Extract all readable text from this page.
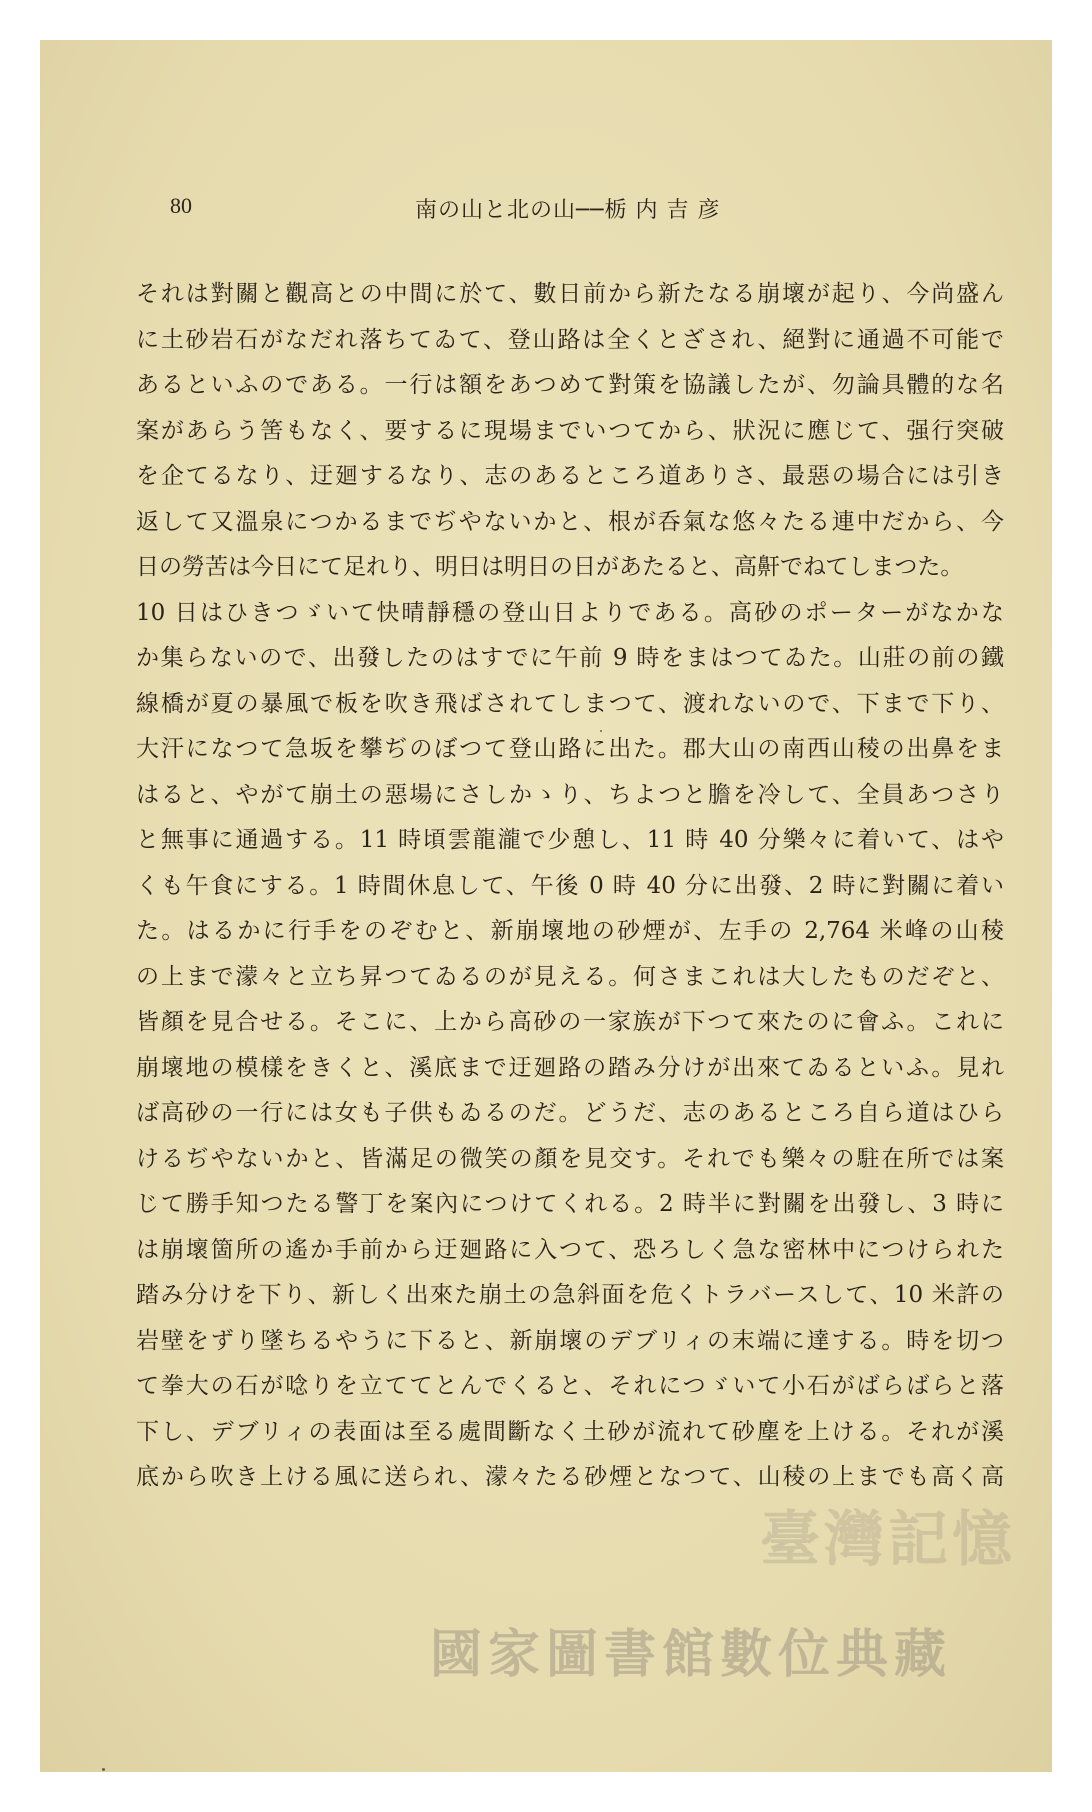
80	南の山と北の山──栃 内 吉 彦
それは對關と觀高との中間に於て、數日前から新たなる崩壞が起り、今尚盛ん
に土砂岩石がなだれ落ちてゐて、登山路は全くとざされ、絕對に通過不可能で
あるといふのである。一行は額をあつめて對策を協議したが、勿論具體的な名
案があらう筈もなく、要するに現場までいつてから、狀況に應じて、强行突破
を企てるなり、迂廻するなり、志のあるところ道ありさ、最惡の場合には引き
返して又溫泉につかるまでぢやないかと、根が呑氣な悠々たる連中だから、今
日の勞苦は今日にて足れり、明日は明日の日があたると、高鼾でねてしまつた。
10 日はひきつゞいて快晴靜穩の登山日よりである。高砂のポーターがなかな
か集らないので、出發したのはすでに午前 9 時をまはつてゐた。山莊の前の鐵
線橋が夏の暴風で板を吹き飛ばされてしまつて、渡れないので、下まで下り、
大汗になつて急坂を攀ぢのぼつて登山路に出た。郡大山の南西山稜の出鼻をま
はると、やがて崩土の惡場にさしかゝり、ちよつと膽を冷して、全員あつさり
と無事に通過する。11 時頃雲龍瀧で少憩し、11 時 40 分樂々に着いて、はや
くも午食にする。1 時間休息して、午後 0 時 40 分に出發、2 時に對關に着い
た。はるかに行手をのぞむと、新崩壞地の砂煙が、左手の 2,764 米峰の山稜
の上まで濛々と立ち昇つてゐるのが見える。何さまこれは大したものだぞと、
皆顏を見合せる。そこに、上から高砂の一家族が下つて來たのに會ふ。これに
崩壞地の模樣をきくと、溪底まで迂廻路の踏み分けが出來てゐるといふ。見れ
ば高砂の一行には女も子供もゐるのだ。どうだ、志のあるところ自ら道はひら
けるぢやないかと、皆滿足の微笑の顏を見交す。それでも樂々の駐在所では案
じて勝手知つたる警丁を案內につけてくれる。2 時半に對關を出發し、3 時に
は崩壞箇所の遙か手前から迂廻路に入つて、恐ろしく急な密林中につけられた
踏み分けを下り、新しく出來た崩土の急斜面を危くトラバースして、10 米許の
岩壁をずり墜ちるやうに下ると、新崩壞のデブリィの末端に達する。時を切つ
て拳大の石が唸りを立ててとんでくると、それにつゞいて小石がばらばらと落
下し、デブリィの表面は至る處間斷なく土砂が流れて砂塵を上ける。それが溪
底から吹き上ける風に送られ、濛々たる砂煙となつて、山稜の上までも高く高
臺灣記憶
國家圖書館數位典藏
